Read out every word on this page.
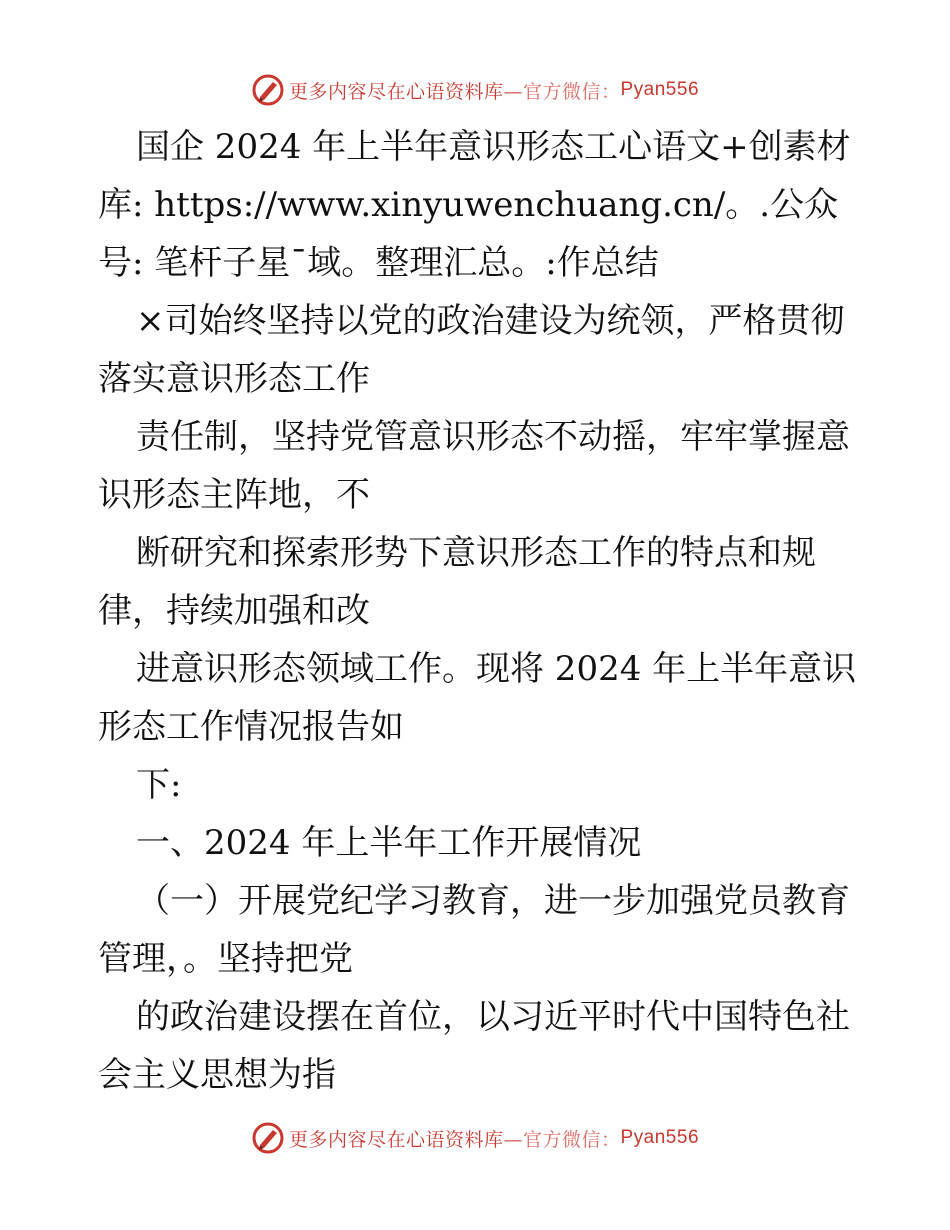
更多内容尽在心语资料库 —官方微信： Pyan556

国企 2024 年上半年意识形态工心语文+创素材库: https://www.xinyuwenchuang.cn/。.公众号: 笔杆子星¯域。整理汇总。:作总结

×司始终坚持以党的政治建设为统领，严格贯彻落实意识形态工作

责任制，坚持党管意识形态不动摇，牢牢掌握意识形态主阵地，不

断研究和探索形势下意识形态工作的特点和规律，持续加强和改

进意识形态领域工作。现将 2024 年上半年意识形态工作情况报告如

下:

一、2024 年上半年工作开展情况

（一）开展党纪学习教育，进一步加强党员教育管理，。坚持把党

的政治建设摆在首位，以习近平时代中国特色社会主义思想为指

更多内容尽在心语资料库 —官方微信： Pyan556
